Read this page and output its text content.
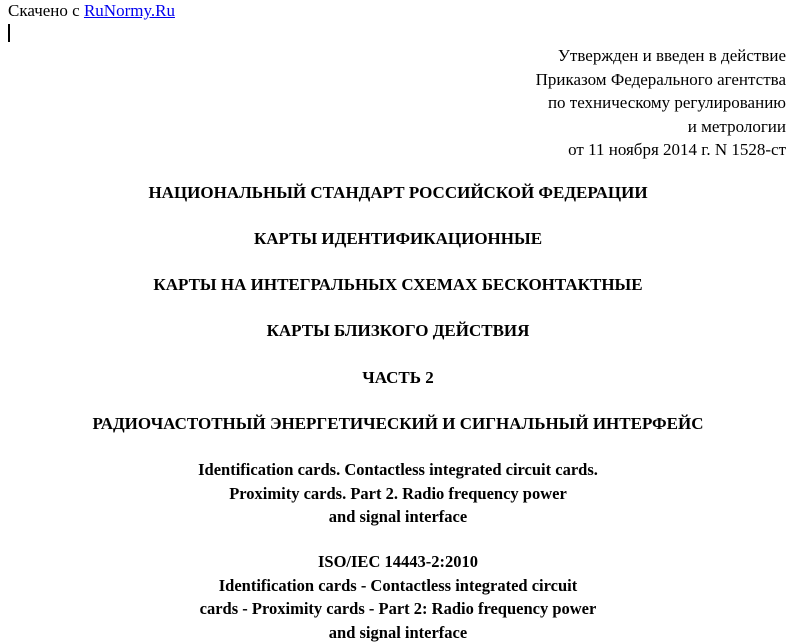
Скачено с RuNormy.Ru
Утвержден и введен в действие
Приказом Федерального агентства
по техническому регулированию
и метрологии
от 11 ноября 2014 г. N 1528-ст
НАЦИОНАЛЬНЫЙ СТАНДАРТ РОССИЙСКОЙ ФЕДЕРАЦИИ
КАРТЫ ИДЕНТИФИКАЦИОННЫЕ
КАРТЫ НА ИНТЕГРАЛЬНЫХ СХЕМАХ БЕСКОНТАКТНЫЕ
КАРТЫ БЛИЗКОГО ДЕЙСТВИЯ
ЧАСТЬ 2
РАДИОЧАСТОТНЫЙ ЭНЕРГЕТИЧЕСКИЙ И СИГНАЛЬНЫЙ ИНТЕРФЕЙС
Identification cards. Contactless integrated circuit cards.
Proximity cards. Part 2. Radio frequency power
and signal interface
ISO/IEC 14443-2:2010
Identification cards - Contactless integrated circuit
cards - Proximity cards - Part 2: Radio frequency power
and signal interface
